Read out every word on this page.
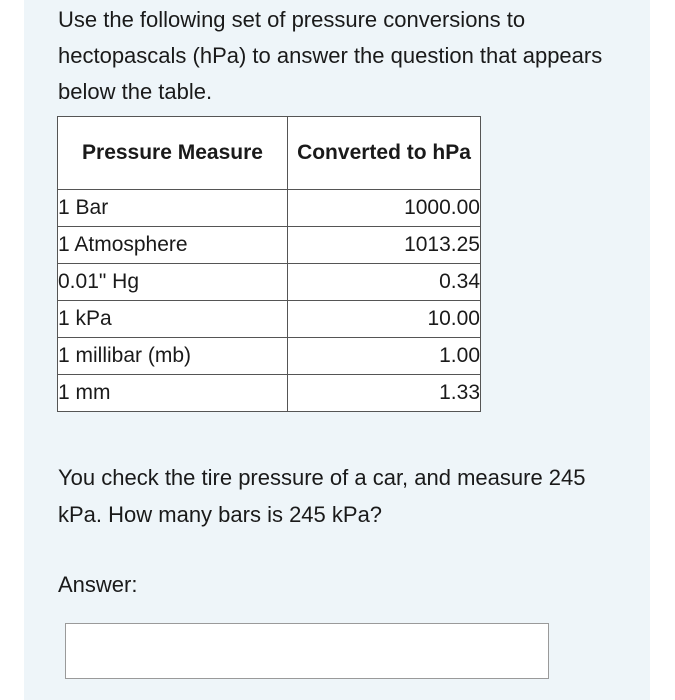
Use the following set of pressure conversions to hectopascals (hPa) to answer the question that appears below the table.

Pressure Measure	Converted to hPa
1 Bar	1000.00
1 Atmosphere	1013.25
0.01" Hg	0.34
1 kPa	10.00
1 millibar (mb)	1.00
1 mm	1.33

You check the tire pressure of a car, and measure 245 kPa. How many bars is 245 kPa?

Answer:
